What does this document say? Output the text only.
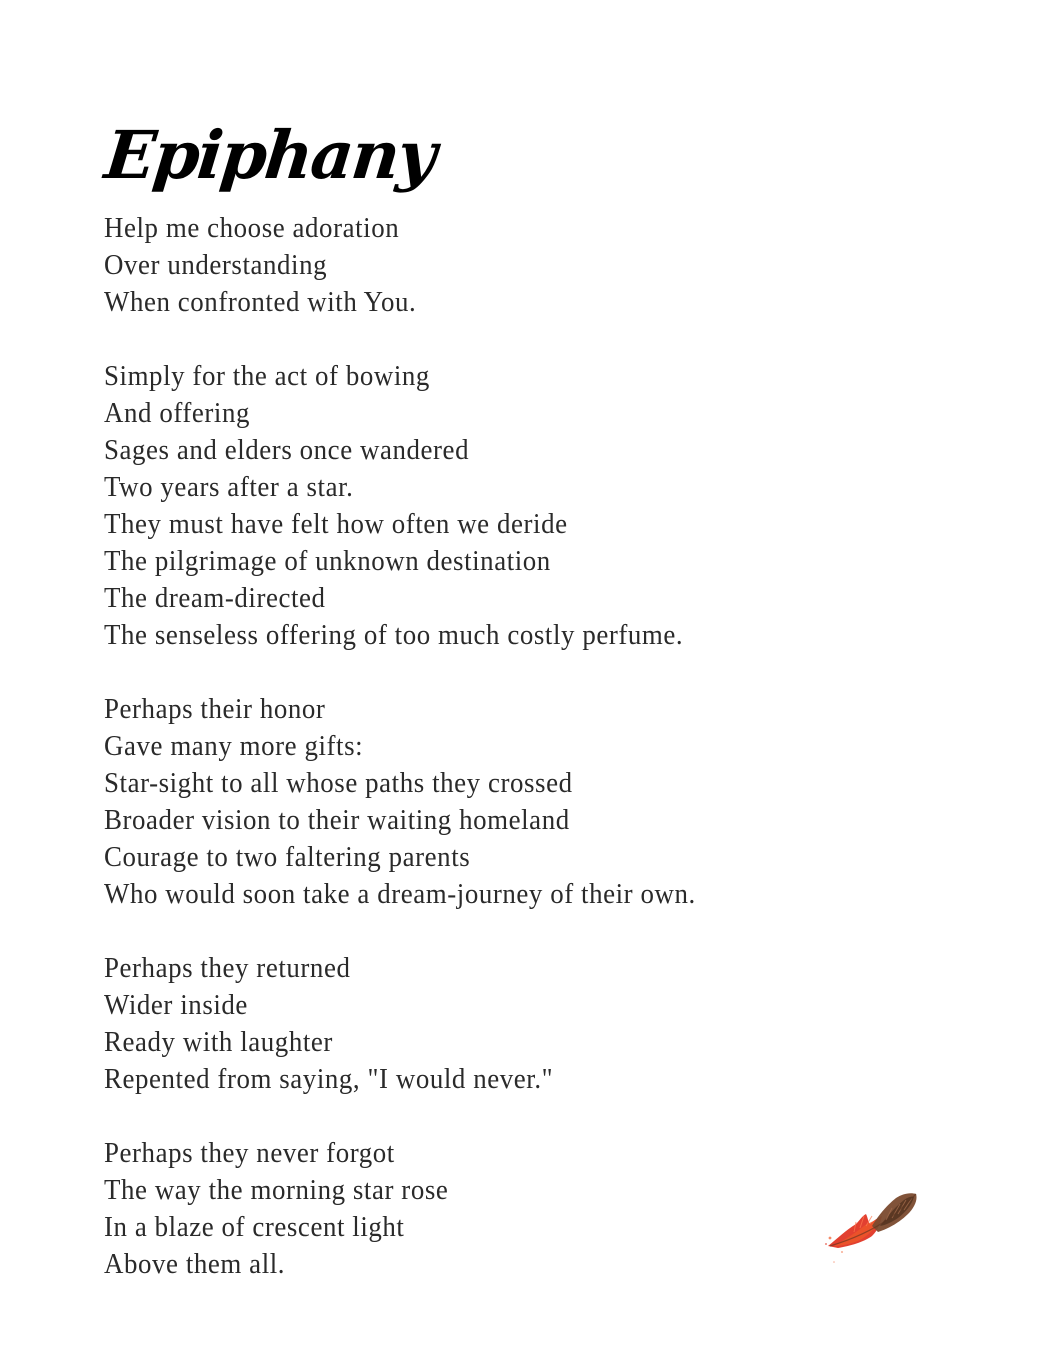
Epiphany
Help me choose adoration
Over understanding
When confronted with You.
Simply for the act of bowing
And offering
Sages and elders once wandered
Two years after a star.
They must have felt how often we deride
The pilgrimage of unknown destination
The dream-directed
The senseless offering of too much costly perfume.
Perhaps their honor
Gave many more gifts:
Star-sight to all whose paths they crossed
Broader vision to their waiting homeland
Courage to two faltering parents
Who would soon take a dream-journey of their own.
Perhaps they returned
Wider inside
Ready with laughter
Repented from saying, "I would never."
Perhaps they never forgot
The way the morning star rose
In a blaze of crescent light
Above them all.
